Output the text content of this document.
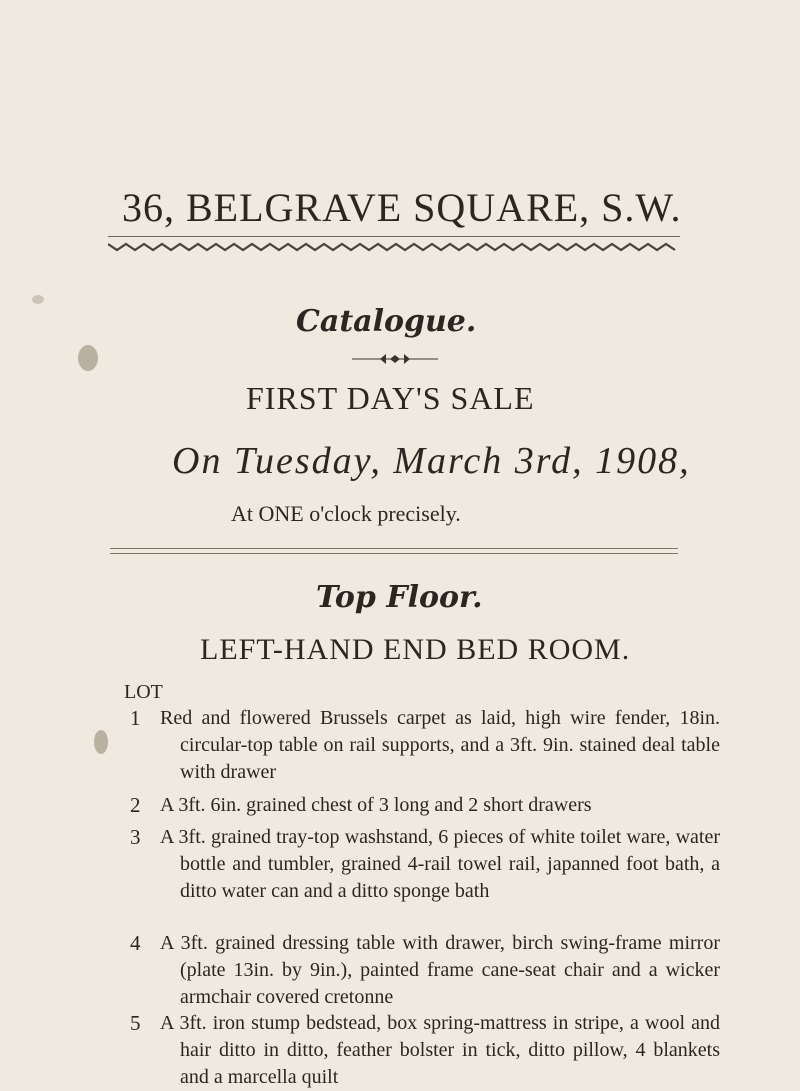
36, BELGRAVE SQUARE, S.W.
Catalogue.
FIRST DAY'S SALE
On Tuesday, March 3rd, 1908,
At ONE o'clock precisely.
Top Floor.
LEFT-HAND END BED ROOM.
LOT
1 Red and flowered Brussels carpet as laid, high wire fender, 18in. circular-top table on rail supports, and a 3ft. 9in. stained deal table with drawer
2 A 3ft. 6in. grained chest of 3 long and 2 short drawers
3 A 3ft. grained tray-top washstand, 6 pieces of white toilet ware, water bottle and tumbler, grained 4-rail towel rail, japanned foot bath, a ditto water can and a ditto sponge bath
4 A 3ft. grained dressing table with drawer, birch swing-frame mirror (plate 13in. by 9in.), painted frame cane-seat chair and a wicker armchair covered cretonne
5 A 3ft. iron stump bedstead, box spring-mattress in stripe, a wool and hair ditto in ditto, feather bolster in tick, ditto pillow, 4 blankets and a marcella quilt
